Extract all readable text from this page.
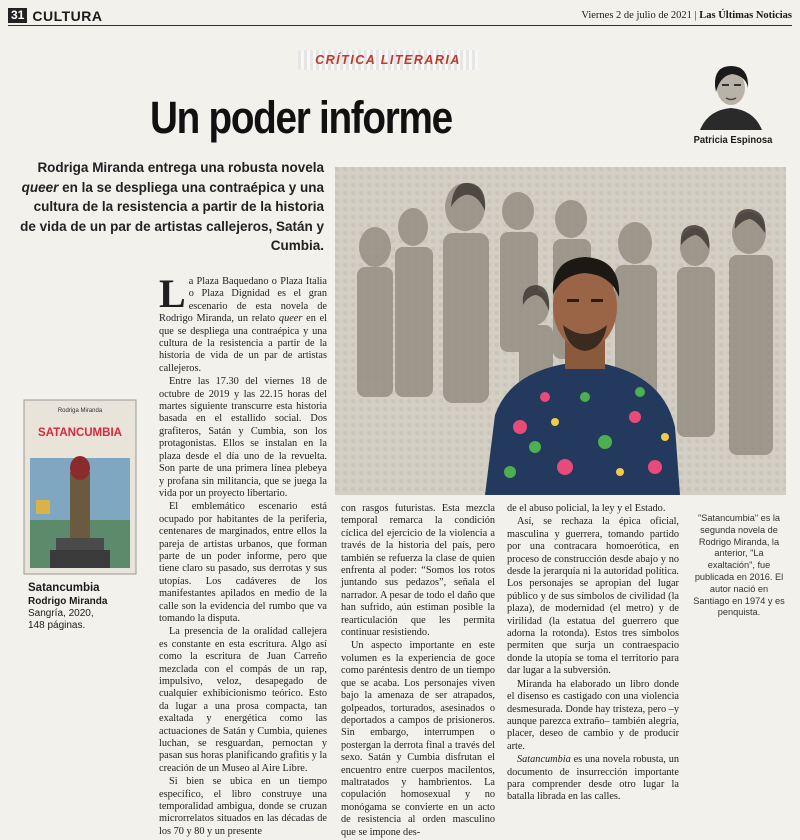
31 CULTURA	Viernes 2 de julio de 2021 | Las Últimas Noticias
CRÍTICA LITERARIA
Un poder informe	Patricia Espinosa
Rodriga Miranda entrega una robusta novela queer en la se despliega una contraépica y una cultura de la resistencia a partir de la historia de vida de un par de artistas callejeros, Satán y Cumbia.
Rodriga Miranda
SATANCUMBIA
Satancumbia
Rodrigo Miranda
Sangría, 2020,
148 páginas.

La Plaza Baquedano o Plaza Italia o Plaza Dignidad es el gran escenario de esta novela de Rodrigo Miranda, un relato queer en el que se despliega una contraépica y una cultura de la resistencia a partir de la historia de vida de un par de artistas callejeros.

Entre las 17.30 del viernes 18 de octubre de 2019 y las 22.15 horas del martes siguiente transcurre esta historia basada en el estallido social. Dos grafiteros, Satán y Cumbia, son los protagonistas. Ellos se instalan en la plaza desde el día uno de la revuelta. Son parte de una primera línea plebeya y profana sin militancia, que se juega la vida por un proyecto libertario.

El emblemático escenario está ocupado por habitantes de la periferia, centenares de marginados, entre ellos la pareja de artistas urbanos, que forman parte de un poder informe, pero que tiene claro su pasado, sus derrotas y sus utopías. Los cadáveres de los manifestantes apilados en medio de la calle son la evidencia del rumbo que va tomando la disputa.

La presencia de la oralidad callejera es constante en esta escritura. Algo así como la escritura de Juan Carreño mezclada con el compás de un rap, impulsivo, veloz, desapegado de cualquier exhibicionismo teórico. Esto da lugar a una prosa compacta, tan exaltada y energética como las actuaciones de Satán y Cumbia, quienes luchan, se resguardan, pernoctan y pasan sus horas planificando grafitis y la creación de un Museo al Aire Libre.

Si bien se ubica en un tiempo específico, el libro construye una temporalidad ambigua, donde se cruzan microrrelatos situados en las décadas de los 70 y 80 y un presente

con rasgos futuristas. Esta mezcla temporal remarca la condición cíclica del ejercicio de la violencia a través de la historia del país, pero también se refuerza la clase de quien enfrenta al poder: “Somos los rotos juntando sus pedazos”, señala el narrador. A pesar de todo el daño que han sufrido, aún estiman posible la rearticulación que les permita continuar resistiendo.

Un aspecto importante en este volumen es la experiencia de goce como paréntesis dentro de un tiempo que se acaba. Los personajes viven bajo la amenaza de ser atrapados, golpeados, torturados, asesinados o deportados a campos de prisioneros. Sin embargo, interrumpen o postergan la derrota final a través del sexo. Satán y Cumbia disfrutan el encuentro entre cuerpos macilentos, maltratados y hambrientos. La copulación homosexual y no monógama se convierte en un acto de resistencia al orden masculino que se impone des-

de el abuso policial, la ley y el Estado.

Así, se rechaza la épica oficial, masculina y guerrera, tomando partido por una contracara homoerótica, en proceso de construcción desde abajo y no desde la jerarquía ni la autoridad política. Los personajes se apropian del lugar público y de sus símbolos de civilidad (la plaza), de modernidad (el metro) y de virilidad (la estatua del guerrero que adorna la rotonda). Estos tres símbolos permiten que surja un contraespacio donde la utopía se toma el territorio para dar lugar a la subversión.

Miranda ha elaborado un libro donde el disenso es castigado con una violencia desmesurada. Donde hay tristeza, pero –y aunque parezca extraño– también alegría, placer, deseo de cambio y de producir arte.

Satancumbia es una novela robusta, un documento de insurrección importante para comprender desde otro lugar la batalla librada en las calles.

"Satancumbia" es la segunda novela de Rodrigo Miranda, la anterior, "La exaltación", fue publicada en 2016. El autor nació en Santiago en 1974 y es penquista.
